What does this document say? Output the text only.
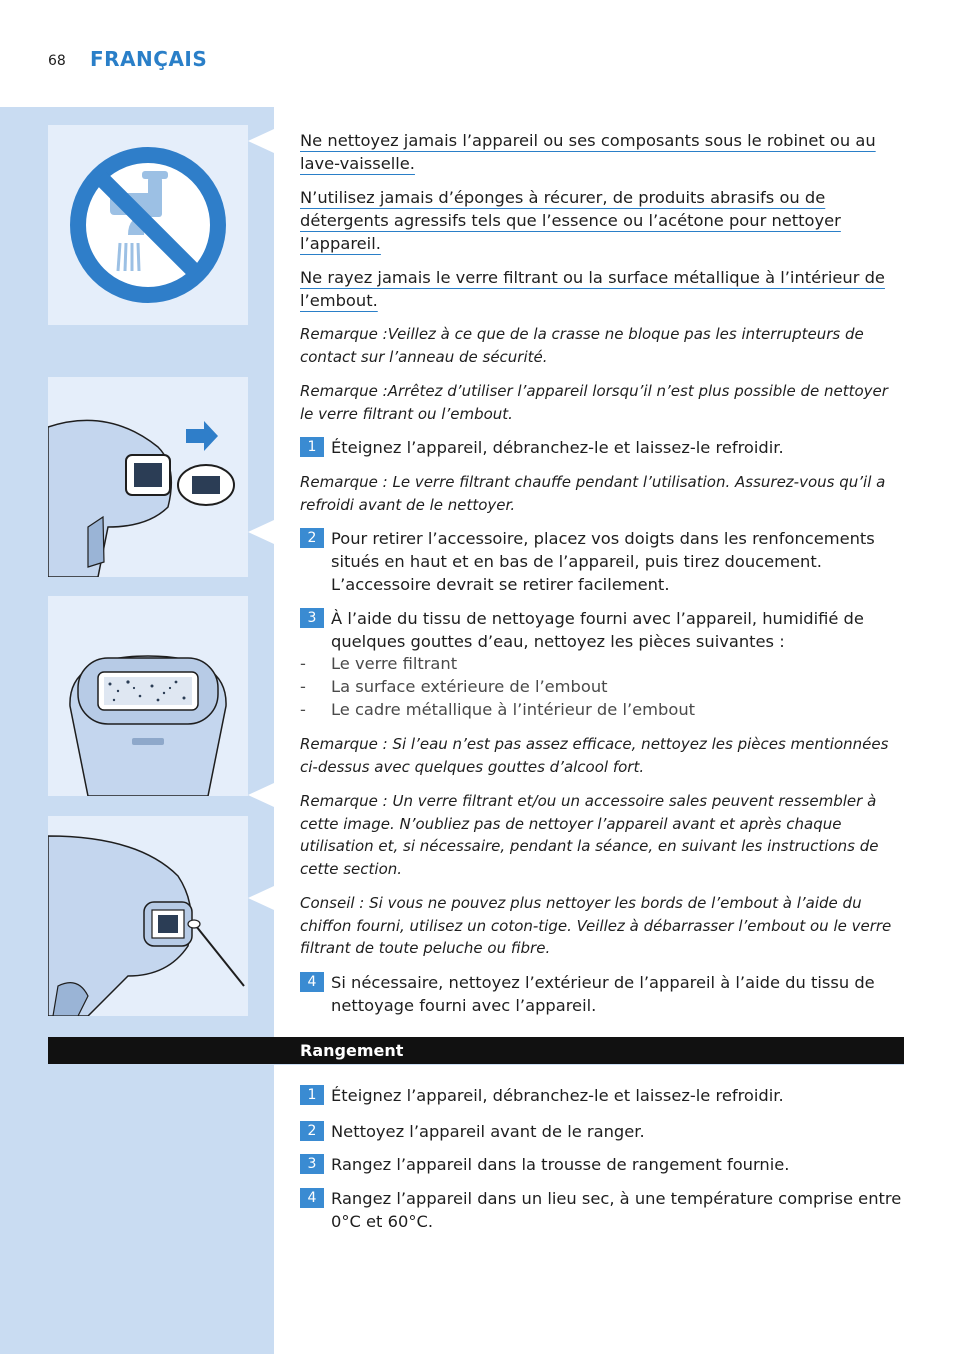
68 FRANÇAIS

Ne nettoyez jamais l’appareil ou ses composants sous le robinet ou au lave-vaisselle.

N’utilisez jamais d’éponges à récurer, de produits abrasifs ou de détergents agressifs tels que l’essence ou l’acétone pour nettoyer l’appareil.

Ne rayez jamais le verre filtrant ou la surface métallique à l’intérieur de l’embout.

Remarque :Veillez à ce que de la crasse ne bloque pas les interrupteurs de contact sur l’anneau de sécurité.

Remarque :Arrêtez d’utiliser l’appareil lorsqu’il n’est plus possible de nettoyer le verre filtrant ou l’embout.

1 Éteignez l’appareil, débranchez-le et laissez-le refroidir.

Remarque : Le verre filtrant chauffe pendant l’utilisation. Assurez-vous qu’il a refroidi avant de le nettoyer.

2 Pour retirer l’accessoire, placez vos doigts dans les renfoncements situés en haut et en bas de l’appareil, puis tirez doucement. L’accessoire devrait se retirer facilement.
3 À l’aide du tissu de nettoyage fourni avec l’appareil, humidifié de quelques gouttes d’eau, nettoyez les pièces suivantes :
- Le verre filtrant
- La surface extérieure de l’embout
- Le cadre métallique à l’intérieur de l’embout

Remarque : Si l’eau n’est pas assez efficace, nettoyez les pièces mentionnées ci-dessus avec quelques gouttes d’alcool fort.

Remarque : Un verre filtrant et/ou un accessoire sales peuvent ressembler à cette image. N’oubliez pas de nettoyer l’appareil avant et après chaque utilisation et, si nécessaire, pendant la séance, en suivant les instructions de cette section.

Conseil : Si vous ne pouvez plus nettoyer les bords de l’embout à l’aide du chiffon fourni, utilisez un coton-tige. Veillez à débarrasser l’embout ou le verre filtrant de toute peluche ou fibre.

4 Si nécessaire, nettoyez l’extérieur de l’appareil à l’aide du tissu de nettoyage fourni avec l’appareil.
Rangement
1 Éteignez l’appareil, débranchez-le et laissez-le refroidir.
2 Nettoyez l’appareil avant de le ranger.
3 Rangez l’appareil dans la trousse de rangement fournie.
4 Rangez l’appareil dans un lieu sec, à une température comprise entre 0°C et 60°C.
